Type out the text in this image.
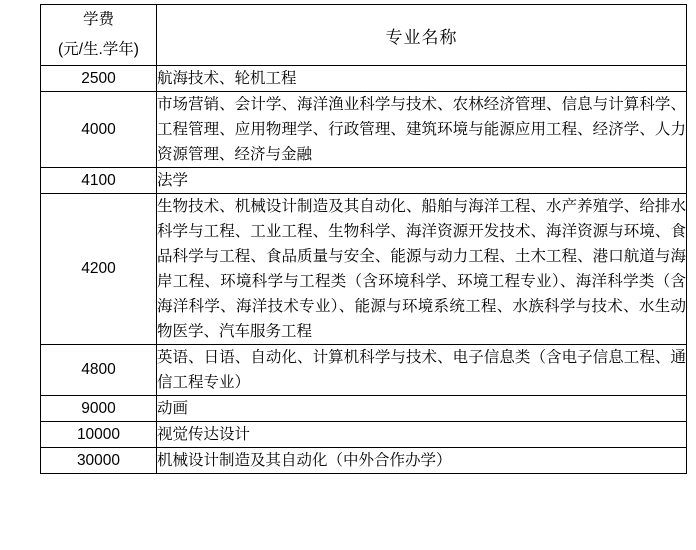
学费
(元/生.学年)	专业名称
2500	航海技术、轮机工程
4000	市场营销、会计学、海洋渔业科学与技术、农林经济管理、信息与计算科学、工程管理、应用物理学、行政管理、建筑环境与能源应用工程、经济学、人力资源管理、经济与金融
4100	法学
4200	生物技术、机械设计制造及其自动化、船舶与海洋工程、水产养殖学、给排水科学与工程、工业工程、生物科学、海洋资源开发技术、海洋资源与环境、食品科学与工程、食品质量与安全、能源与动力工程、土木工程、港口航道与海岸工程、环境科学与工程类（含环境科学、环境工程专业）、海洋科学类（含海洋科学、海洋技术专业）、能源与环境系统工程、水族科学与技术、水生动物医学、汽车服务工程
4800	英语、日语、自动化、计算机科学与技术、电子信息类（含电子信息工程、通信工程专业）
9000	动画
10000	视觉传达设计
30000	机械设计制造及其自动化（中外合作办学）
